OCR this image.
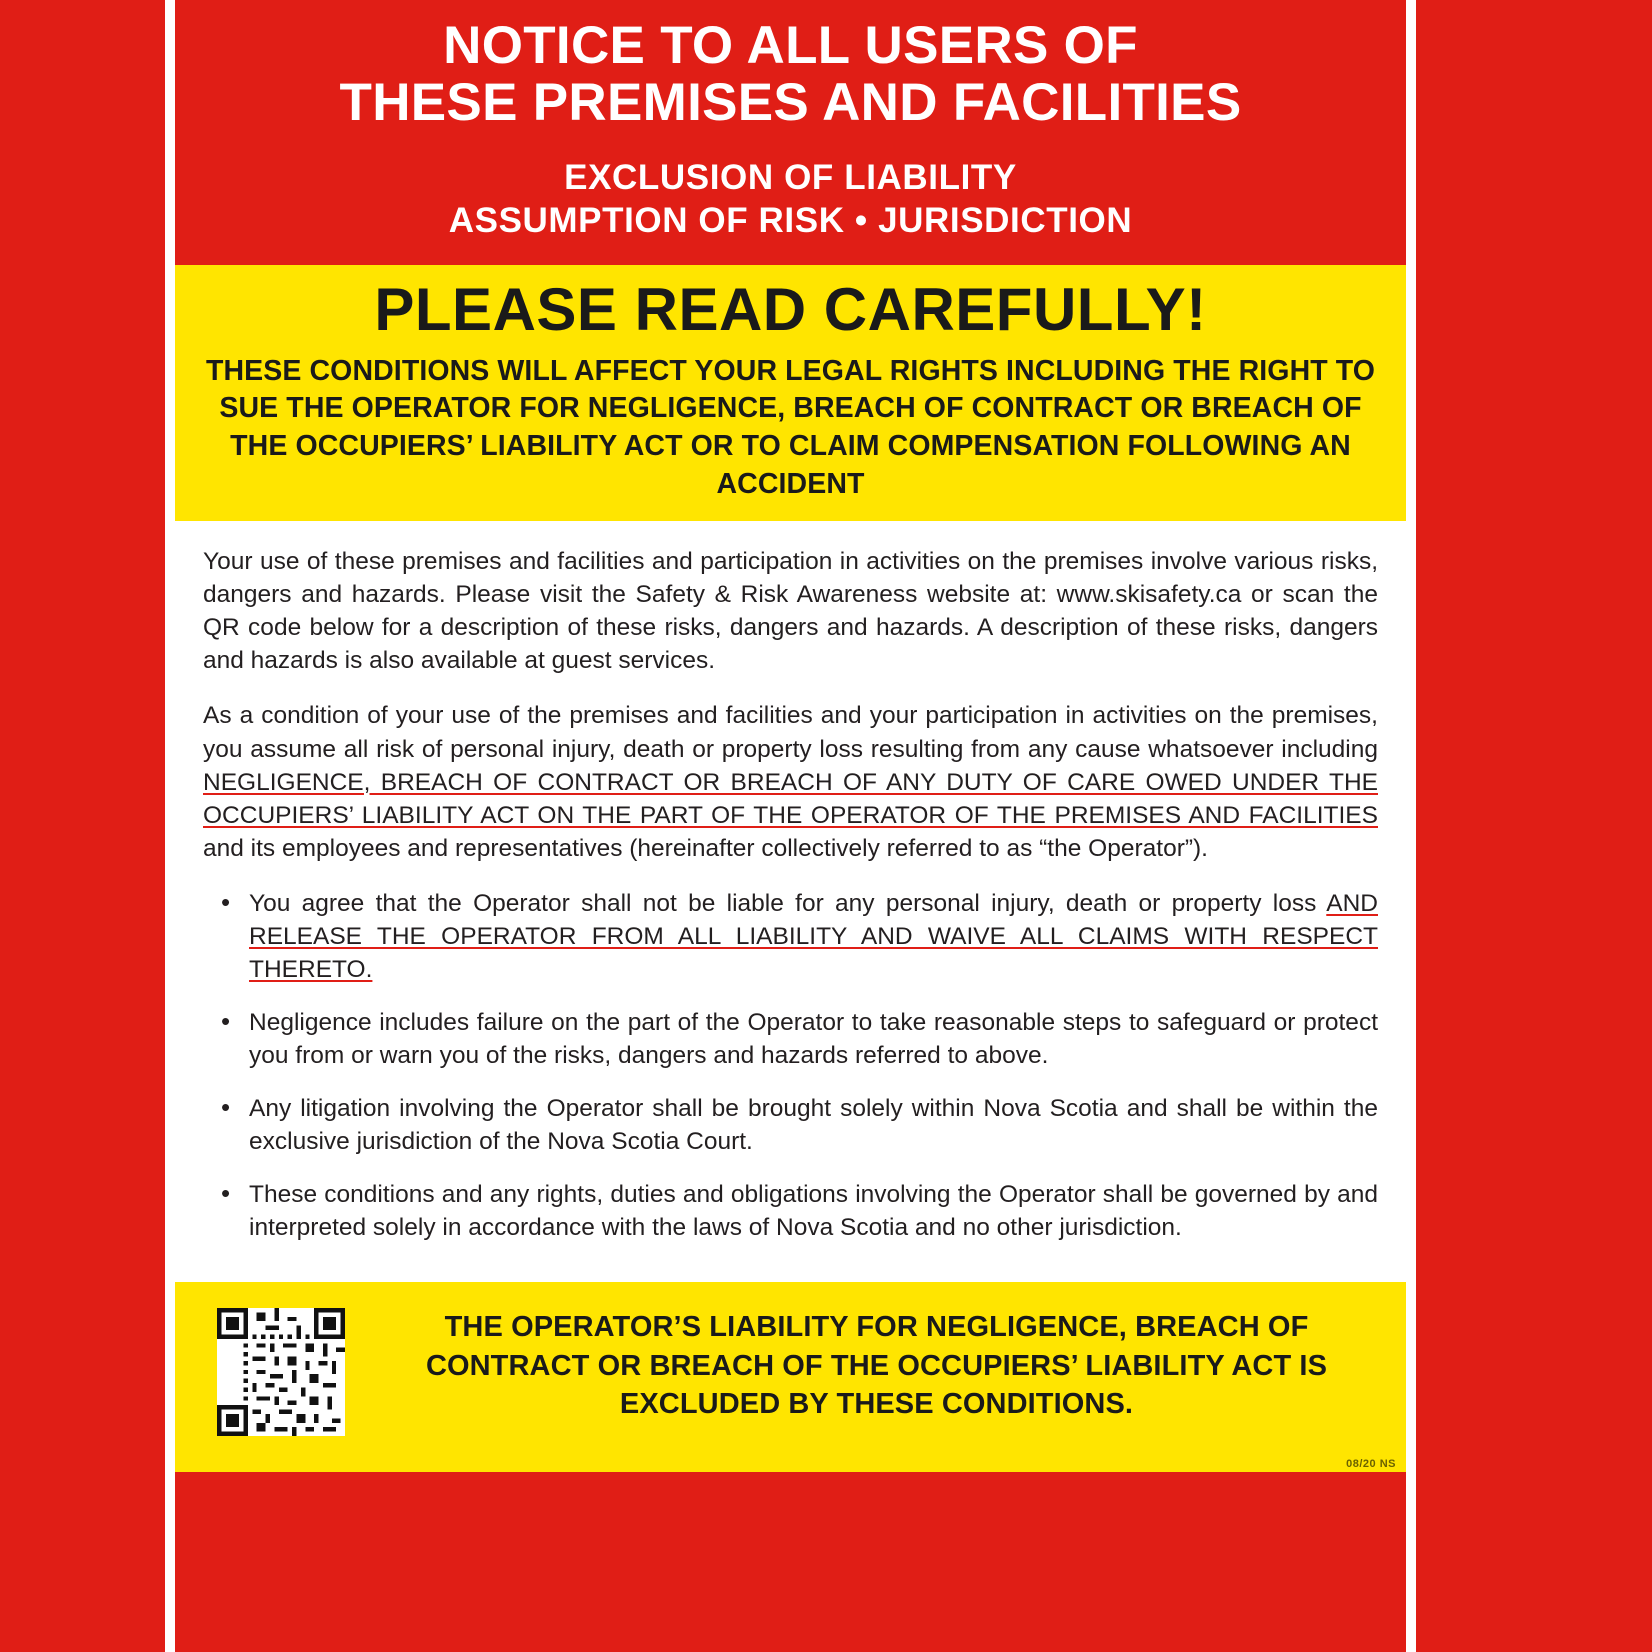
NOTICE TO ALL USERS OF
THESE PREMISES AND FACILITIES
EXCLUSION OF LIABILITY
ASSUMPTION OF RISK • JURISDICTION
PLEASE READ CAREFULLY!
THESE CONDITIONS WILL AFFECT YOUR LEGAL RIGHTS INCLUDING THE RIGHT TO SUE THE OPERATOR FOR NEGLIGENCE, BREACH OF CONTRACT OR BREACH OF THE OCCUPIERS’ LIABILITY ACT OR TO CLAIM COMPENSATION FOLLOWING AN ACCIDENT

Your use of these premises and facilities and participation in activities on the premises involve various risks, dangers and hazards. Please visit the Safety & Risk Awareness website at: www.skisafety.ca or scan the QR code below for a description of these risks, dangers and hazards. A description of these risks, dangers and hazards is also available at guest services.

As a condition of your use of the premises and facilities and your participation in activities on the premises, you assume all risk of personal injury, death or property loss resulting from any cause whatsoever including NEGLIGENCE, BREACH OF CONTRACT OR BREACH OF ANY DUTY OF CARE OWED UNDER THE OCCUPIERS’ LIABILITY ACT ON THE PART OF THE OPERATOR OF THE PREMISES AND FACILITIES and its employees and representatives (hereinafter collectively referred to as “the Operator”).

• You agree that the Operator shall not be liable for any personal injury, death or property loss AND RELEASE THE OPERATOR FROM ALL LIABILITY AND WAIVE ALL CLAIMS WITH RESPECT THERETO.
• Negligence includes failure on the part of the Operator to take reasonable steps to safeguard or protect you from or warn you of the risks, dangers and hazards referred to above.
• Any litigation involving the Operator shall be brought solely within Nova Scotia and shall be within the exclusive jurisdiction of the Nova Scotia Court.
• These conditions and any rights, duties and obligations involving the Operator shall be governed by and interpreted solely in accordance with the laws of Nova Scotia and no other jurisdiction.
THE OPERATOR’S LIABILITY FOR NEGLIGENCE, BREACH OF CONTRACT OR BREACH OF THE OCCUPIERS’ LIABILITY ACT IS EXCLUDED BY THESE CONDITIONS.
08/20 NS
